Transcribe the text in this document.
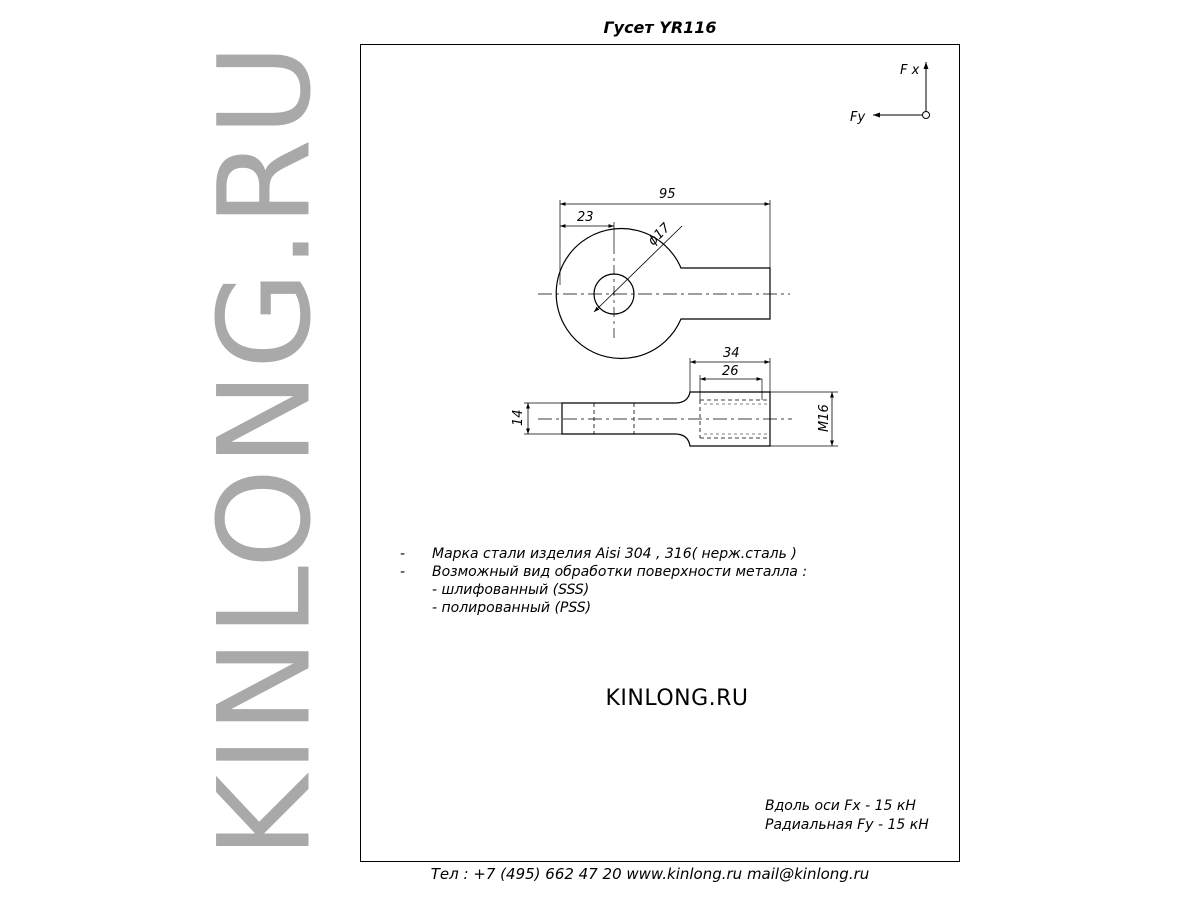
KINLONG.RU
Гусет YR116
F x
Fy
95
23
ϕ17
34
26
14	M16
- Марка стали изделия Aisi 304 , 316( нерж.сталь )
- Возможный вид обработки поверхности металла :
- шлифованный (SSS)
- полированный (PSS)
KINLONG.RU
Вдоль оси Fx - 15 кН
Радиальная Fy - 15 кН
Тел : +7 (495) 662 47 20 www.kinlong.ru mail@kinlong.ru
